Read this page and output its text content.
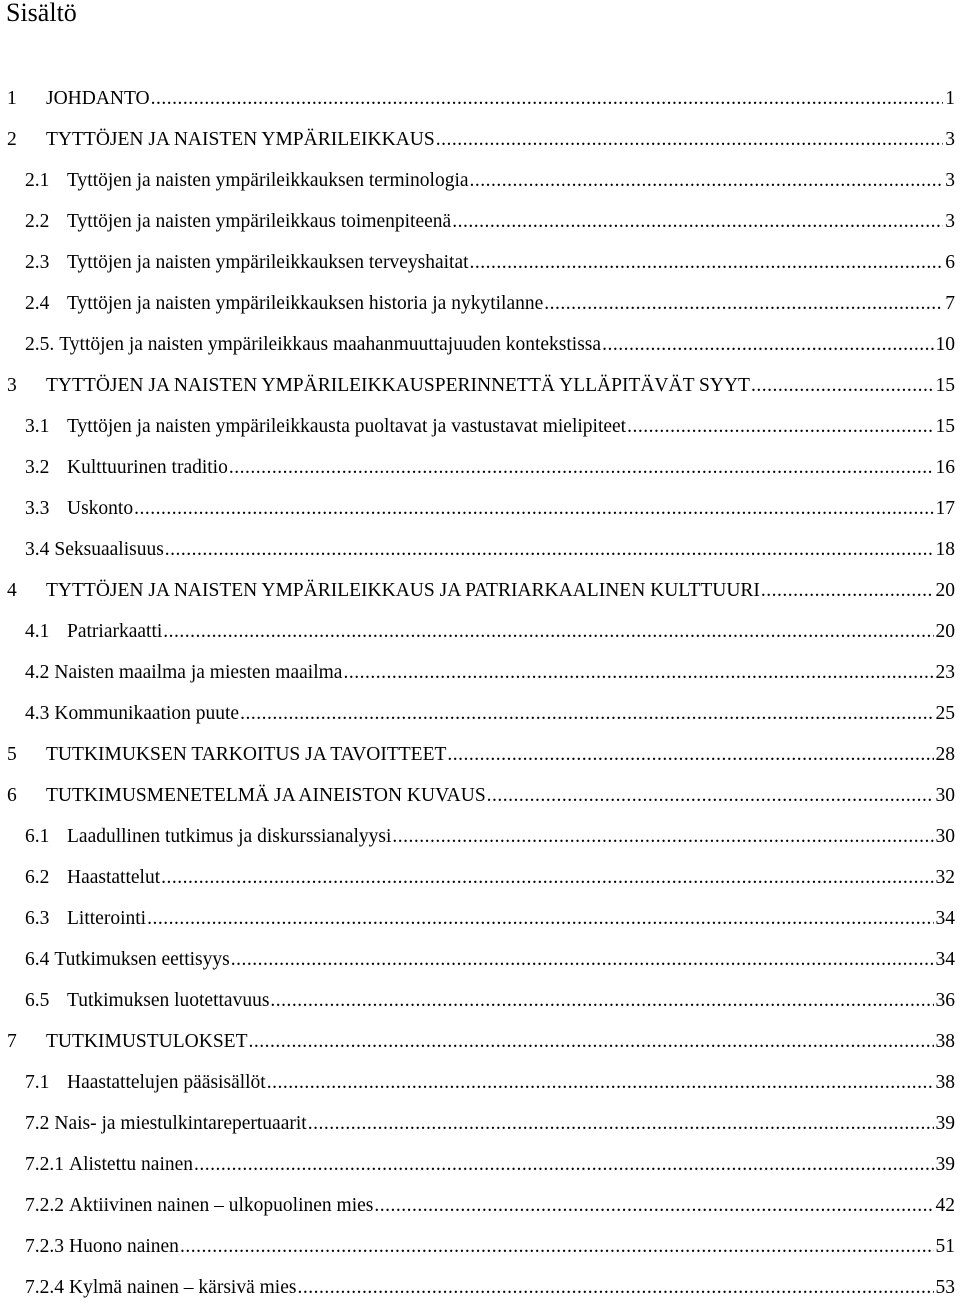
Sisältö
1	JOHDANTO .....	1
2	TYTTÖJEN JA NAISTEN YMPÄRILEIKKAUS .....	3
2.1 Tyttöjen ja naisten ympärileikkauksen terminologia .....	3
2.2 Tyttöjen ja naisten ympärileikkaus toimenpiteenä .....	3
2.3 Tyttöjen ja naisten ympärileikkauksen terveyshaitat .....	6
2.4 Tyttöjen ja naisten ympärileikkauksen historia ja nykytilanne .....	7
2.5. Tyttöjen ja naisten ympärileikkaus maahanmuuttajuuden kontekstissa .....	10
3	TYTTÖJEN JA NAISTEN YMPÄRILEIKKAUSPERINNETTÄ YLLÄPITÄVÄT SYYT .....	15
3.1 Tyttöjen ja naisten ympärileikkausta puoltavat ja vastustavat mielipiteet .....	15
3.2 Kulttuurinen traditio .....	16
3.3 Uskonto .....	17
3.4 Seksuaalisuus .....	18
4	TYTTÖJEN JA NAISTEN YMPÄRILEIKKAUS JA PATRIARKAALINEN KULTTUURI .....	20
4.1 Patriarkaatti .....	20
4.2 Naisten maailma ja miesten maailma .....	23
4.3 Kommunikaation puute .....	25
5	TUTKIMUKSEN TARKOITUS JA TAVOITTEET .....	28
6	TUTKIMUSMENETELMÄ JA AINEISTON KUVAUS .....	30
6.1 Laadullinen tutkimus ja diskurssianalyysi .....	30
6.2 Haastattelut .....	32
6.3 Litterointi .....	34
6.4 Tutkimuksen eettisyys .....	34
6.5 Tutkimuksen luotettavuus .....	36
7	TUTKIMUSTULOKSET .....	38
7.1 Haastattelujen pääsisällöt .....	38
7.2 Nais- ja miestulkintarepertuaarit .....	39
7.2.1 Alistettu nainen .....	39
7.2.2 Aktiivinen nainen – ulkopuolinen mies .....	42
7.2.3 Huono nainen .....	51
7.2.4 Kylmä nainen – kärsivä mies .....	53
